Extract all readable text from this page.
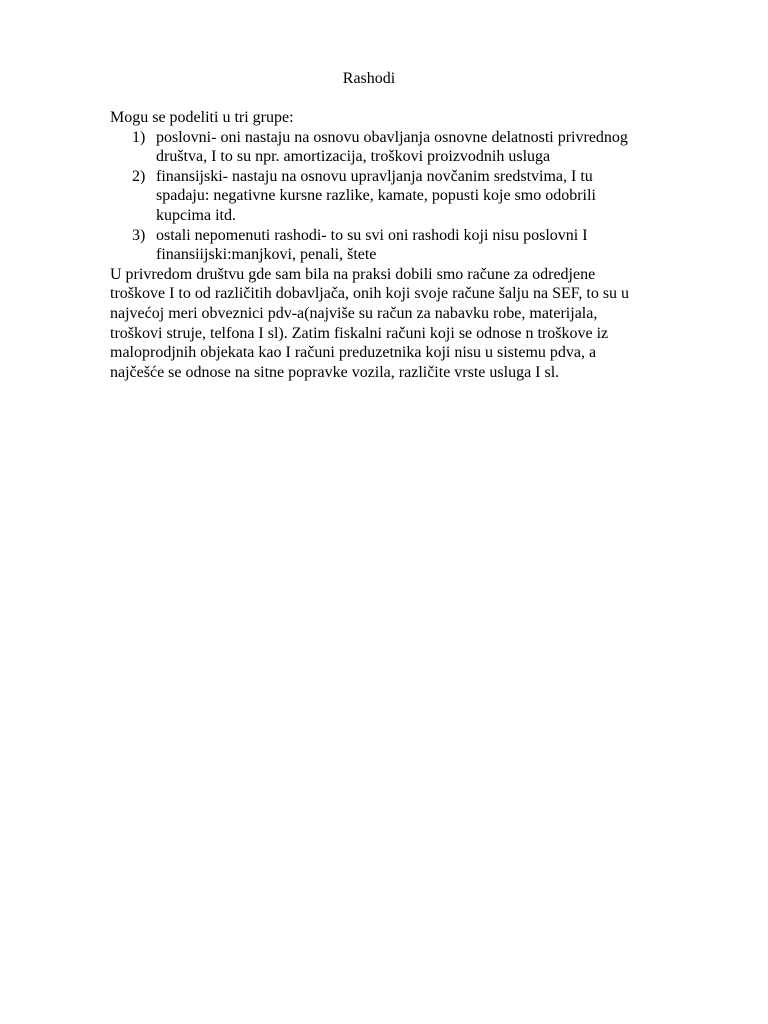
Rashodi
Mogu se podeliti u tri grupe:
1) poslovni- oni nastaju na osnovu obavljanja osnovne delatnosti privrednog
društva, I to su npr. amortizacija, troškovi proizvodnih usluga
2) finansijski- nastaju na osnovu upravljanja novčanim sredstvima, I tu
spadaju: negativne kursne razlike, kamate, popusti koje smo odobrili
kupcima itd.
3) ostali nepomenuti rashodi- to su svi oni rashodi koji nisu poslovni I
finansiijski:manjkovi, penali, štete
U privredom društvu gde sam bila na praksi dobili smo račune za odredjene
troškove I to od različitih dobavljača, onih koji svoje račune šalju na SEF, to su u
najvećoj meri obveznici pdv-a(najviše su račun za nabavku robe, materijala,
troškovi struje, telfona I sl). Zatim fiskalni računi koji se odnose n troškove iz
maloprodjnih objekata kao I računi preduzetnika koji nisu u sistemu pdva, a
najčešće se odnose na sitne popravke vozila, različite vrste usluga I sl.
